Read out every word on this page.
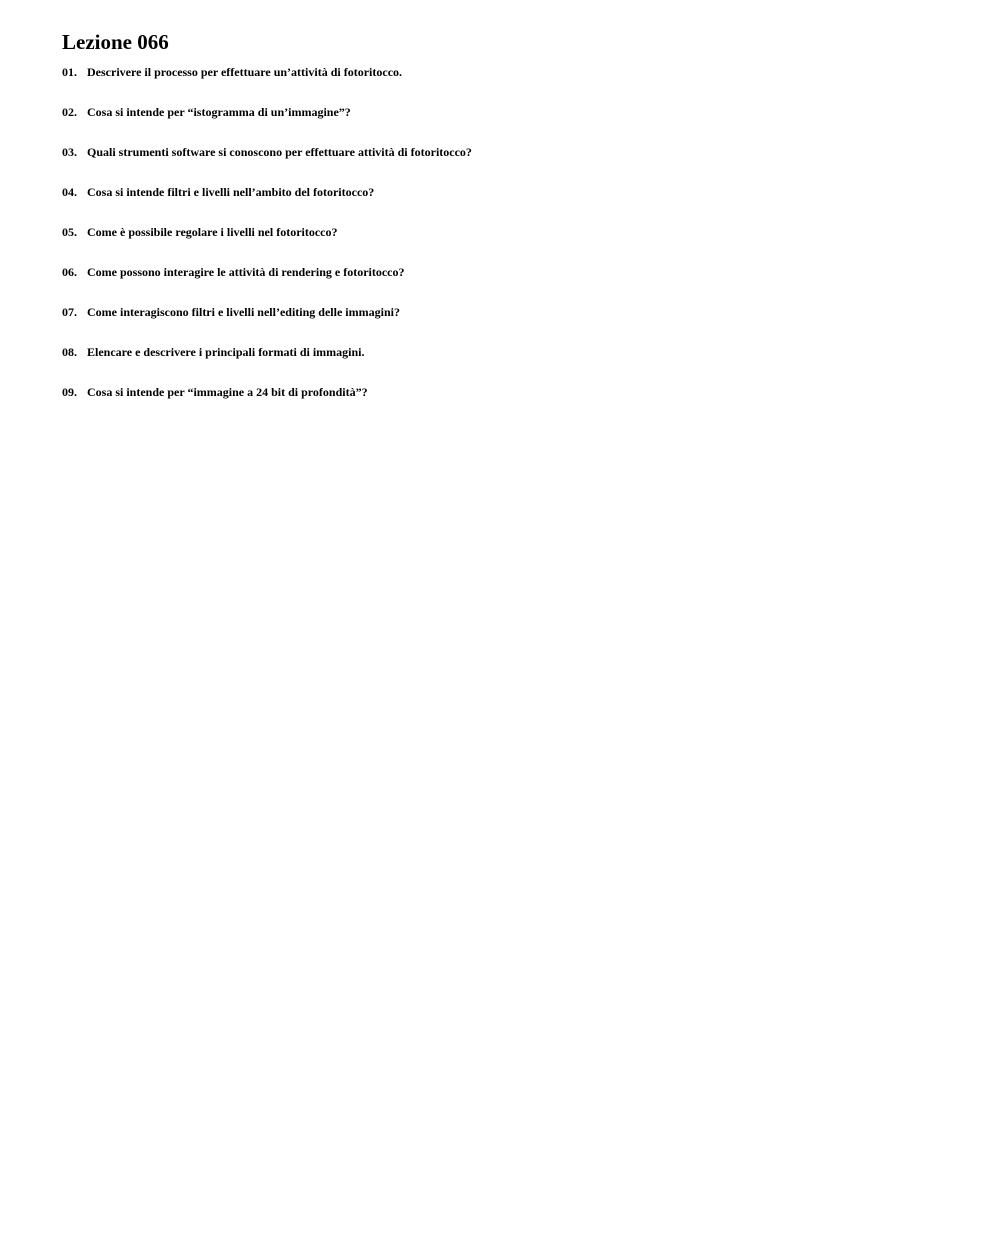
Lezione 066
01. Descrivere il processo per effettuare un’attività di fotoritocco.
02. Cosa si intende per “istogramma di un’immagine”?
03. Quali strumenti software si conoscono per effettuare attività di fotoritocco?
04. Cosa si intende filtri e livelli nell’ambito del fotoritocco?
05. Come è possibile regolare i livelli nel fotoritocco?
06. Come possono interagire le attività di rendering e fotoritocco?
07. Come interagiscono filtri e livelli nell’editing delle immagini?
08. Elencare e descrivere i principali formati di immagini.
09. Cosa si intende per “immagine a 24 bit di profondità”?
